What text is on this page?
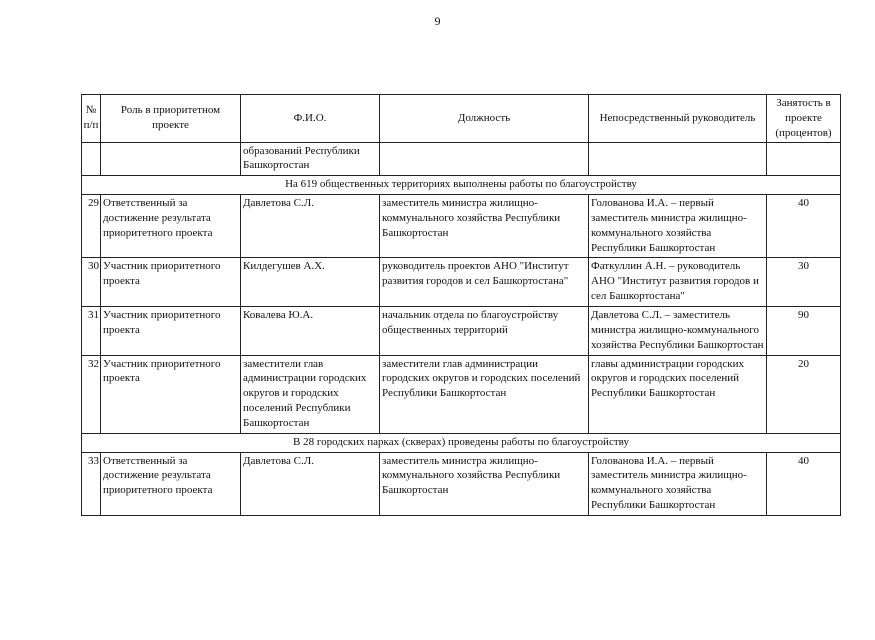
9
№ п/п	Роль в приоритетном проекте	Ф.И.О.	Должность	Непосредственный руководитель	Занятость в проекте (процентов)
		образований Республики Башкортостан			
На 619 общественных территориях выполнены работы по благоустройству					
29	Ответственный за достижение результата приоритетного проекта	Давлетова С.Л.	заместитель министра жилищно-коммунального хозяйства Республики Башкортостан	Голованова И.А. – первый заместитель министра жилищно-коммунального хозяйства Республики Башкортостан	40
30	Участник приоритетного проекта	Килдегушев А.Х.	руководитель проектов АНО "Институт развития городов и сел Башкортостана"	Фаткуллин А.Н. – руководитель АНО "Институт развития городов и сел Башкортостана"	30
31	Участник приоритетного проекта	Ковалева Ю.А.	начальник отдела по благоустройству общественных территорий	Давлетова С.Л. – заместитель министра жилищно-коммунального хозяйства Республики Башкортостан	90
32	Участник приоритетного проекта	заместители глав администрации городских округов и городских поселений Республики Башкортостан	заместители глав администрации городских округов и городских поселений Республики Башкортостан	главы администрации городских округов и городских поселений Республики Башкортостан	20
В 28 городских парках (скверах) проведены работы по благоустройству					
33	Ответственный за достижение результата приоритетного проекта	Давлетова С.Л.	заместитель министра жилищно-коммунального хозяйства Республики Башкортостан	Голованова И.А. – первый заместитель министра жилищно-коммунального хозяйства Республики Башкортостан	40
